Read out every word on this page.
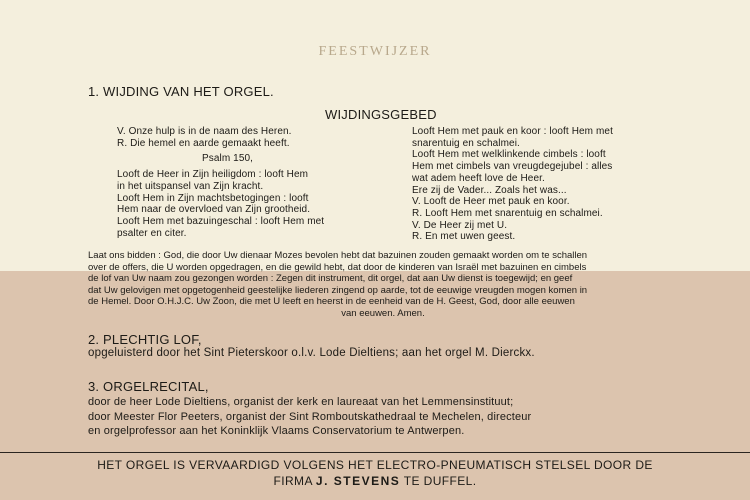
FEESTWIJZER
1. WIJDING VAN HET ORGEL.
WIJDINGSGEBED
V. Onze hulp is in de naam des Heren.
R. Die hemel en aarde gemaakt heeft.
Psalm 150,
Looft de Heer in Zijn heiligdom : looft Hem
in het uitspansel van Zijn kracht.
Looft Hem in Zijn machtsbetogingen : looft
Hem naar de overvloed van Zijn grootheid.
Looft Hem met bazuingeschal : looft Hem met
psalter en citer.
Looft Hem met pauk en koor : looft Hem met
snarentuig en schalmei.
Looft Hem met welklinkende cimbels : looft
Hem met cimbels van vreugdegejubel : alles
wat adem heeft love de Heer.
Ere zij de Vader... Zoals het was...
V. Looft de Heer met pauk en koor.
R. Looft Hem met snarentuig en schalmei.
V. De Heer zij met U.
R. En met uwen geest.
Laat ons bidden : God, die door Uw dienaar Mozes bevolen hebt dat bazuinen zouden gemaakt worden om te schallen
over de offers, die U worden opgedragen, en die gewild hebt, dat door de kinderen van Israël met bazuinen en cimbels
de lof van Uw naam zou gezongen worden : Zegen dit instrument, dit orgel, dat aan Uw dienst is toegewijd; en geef
dat Uw gelovigen met opgetogenheid geestelijke liederen zingend op aarde, tot de eeuwige vreugden mogen komen in
de Hemel. Door O.H.J.C. Uw Zoon, die met U leeft en heerst in de eenheid van de H. Geest, God, door alle eeuwen
van eeuwen. Amen.
2. PLECHTIG LOF,
opgeluisterd door het Sint Pieterskoor o.l.v. Lode Dieltiens; aan het orgel M. Dierckx.
3. ORGELRECITAL,
door de heer Lode Dieltiens, organist der kerk en laureaat van het Lemmensinstituut;
door Meester Flor Peeters, organist der Sint Romboutskathedraal te Mechelen, directeur
en orgelprofessor aan het Koninklijk Vlaams Conservatorium te Antwerpen.
HET ORGEL IS VERVAARDIGD VOLGENS HET ELECTRO-PNEUMATISCH STELSEL DOOR DE
FIRMA J. STEVENS TE DUFFEL.
